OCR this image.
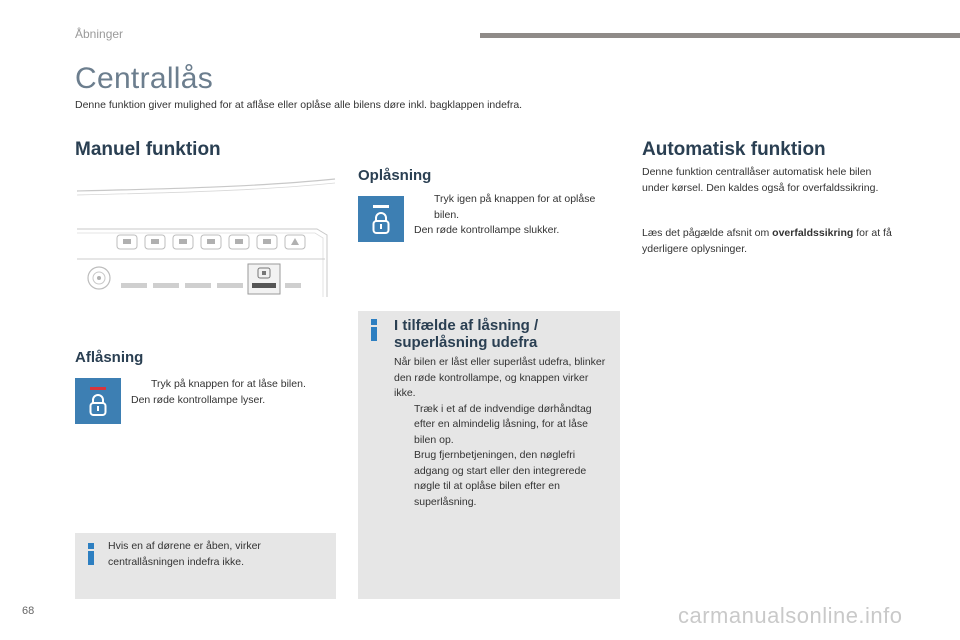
Åbninger
Centrallås

Denne funktion giver mulighed for at aflåse eller oplåse alle bilens døre inkl. bagklappen indefra.

Manuel funktion
Aflåsning
Tryk på knappen for at låse bilen.
Den røde kontrollampe lyser.
Hvis en af dørene er åben, virker centrallåsningen indefra ikke.
Oplåsning
Tryk igen på knappen for at oplåse bilen.
Den røde kontrollampe slukker.
I tilfælde af låsning / superlåsning udefra
Når bilen er låst eller superlåst udefra, blinker den røde kontrollampe, og knappen virker ikke.
Træk i et af de indvendige dørhåndtag efter en almindelig låsning, for at låse bilen op.
Brug fjernbetjeningen, den nøglefri adgang og start eller den integrerede nøgle til at oplåse bilen efter en superlåsning.
Automatisk funktion
Denne funktion centrallåser automatisk hele bilen under kørsel. Den kaldes også for overfaldssikring.
Læs det pågælde afsnit om overfaldssikring for at få yderligere oplysninger.
68	carmanualsonline.info
